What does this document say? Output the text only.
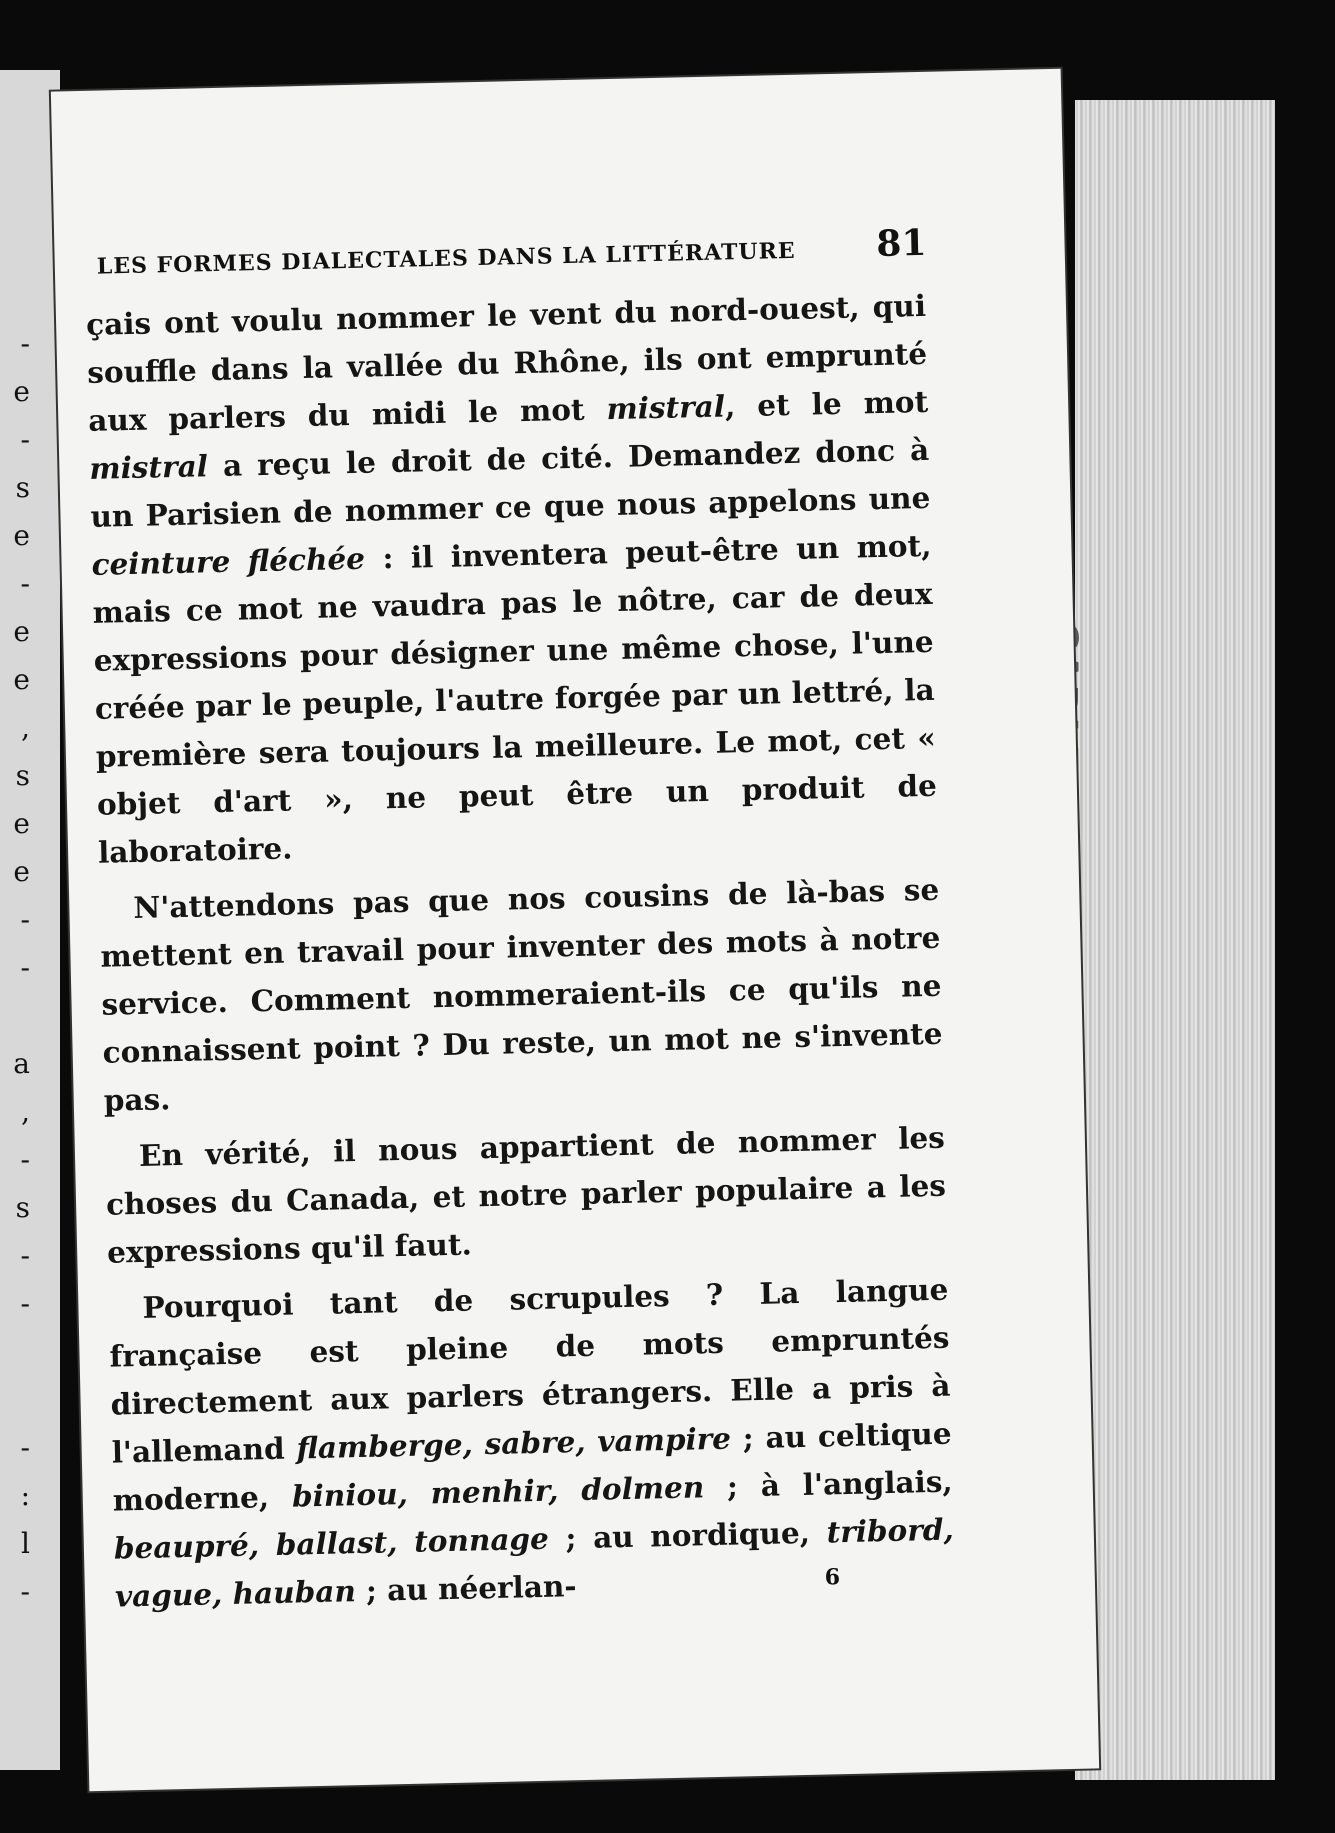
-
e
-
s
e
-
e
e
,
s
e
e
-
-
a
,
-
s
-
-
-
:
l
-
LES FORMES DIALECTALES DANS LA LITTÉRATURE 81

çais ont voulu nommer le vent du nord-ouest, qui souffle dans la vallée du Rhône, ils ont emprunté aux parlers du midi le mot mistral, et le mot mistral a reçu le droit de cité. Demandez donc à un Parisien de nommer ce que nous appelons une ceinture fléchée : il inventera peut-être un mot, mais ce mot ne vaudra pas le nôtre, car de deux expressions pour désigner une même chose, l'une créée par le peuple, l'autre forgée par un lettré, la première sera toujours la meilleure. Le mot, cet « objet d'art », ne peut être un produit de laboratoire.

N'attendons pas que nos cousins de là-bas se mettent en travail pour inventer des mots à notre service. Comment nommeraient-ils ce qu'ils ne connaissent point ? Du reste, un mot ne s'invente pas.

En vérité, il nous appartient de nommer les choses du Canada, et notre parler populaire a les expressions qu'il faut.

Pourquoi tant de scrupules ? La langue française est pleine de mots empruntés directement aux parlers étrangers. Elle a pris à l'allemand flamberge, sabre, vampire ; au celtique moderne, biniou, menhir, dolmen ; à l'anglais, beaupré, ballast, tonnage ; au nordique, tribord, vague, hauban ; au néerlan-	6
